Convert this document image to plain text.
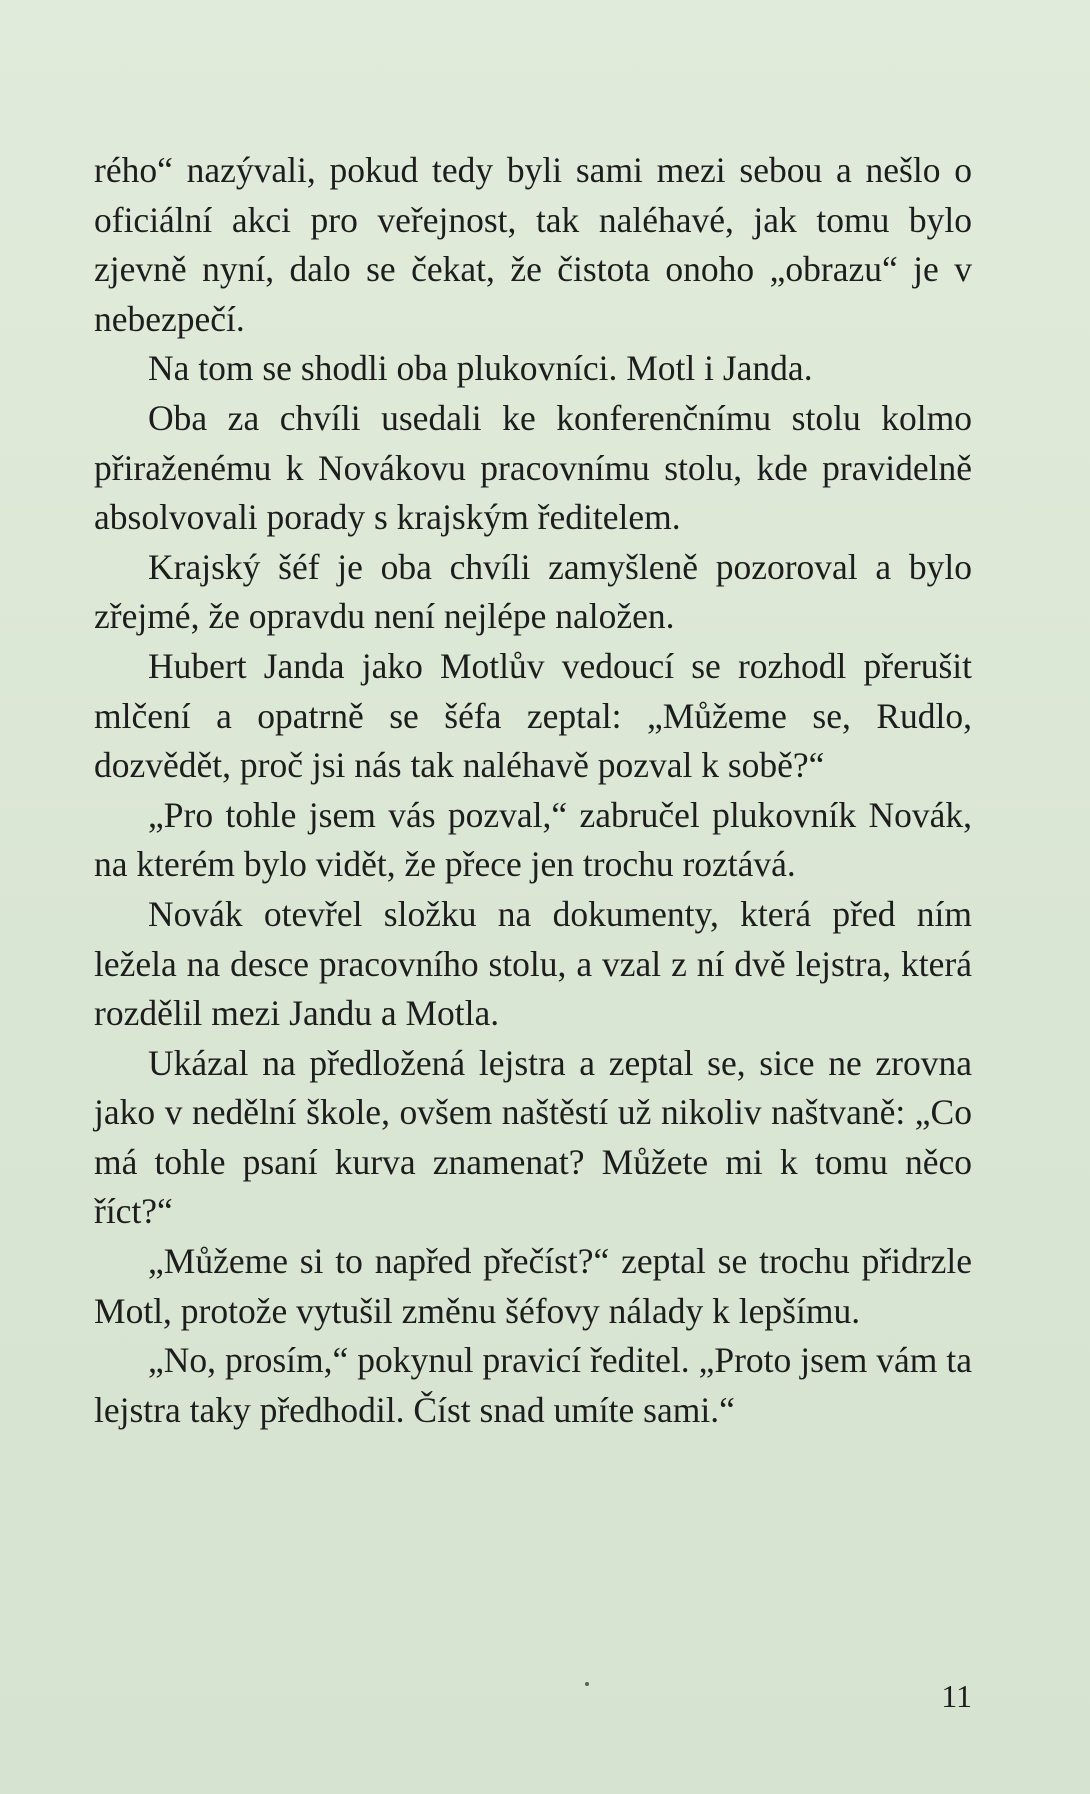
rého“ nazývali, pokud tedy byli sami mezi sebou a nešlo o oficiální akci pro veřejnost, tak naléhavé, jak tomu bylo zjevně nyní, dalo se čekat, že čistota onoho „obrazu“ je v nebezpečí.

Na tom se shodli oba plukovníci. Motl i Janda.

Oba za chvíli usedali ke konferenčnímu stolu kolmo přiraženému k Novákovu pracovnímu stolu, kde pravidelně absolvovali porady s krajským ředitelem.

Krajský šéf je oba chvíli zamyšleně pozoroval a bylo zřejmé, že opravdu není nejlépe naložen.

Hubert Janda jako Motlův vedoucí se rozhodl přerušit mlčení a opatrně se šéfa zeptal: „Můžeme se, Rudlo, dozvědět, proč jsi nás tak naléhavě pozval k sobě?“

„Pro tohle jsem vás pozval,“ zabručel plukovník Novák, na kterém bylo vidět, že přece jen trochu roztává.

Novák otevřel složku na dokumenty, která před ním ležela na desce pracovního stolu, a vzal z ní dvě lejstra, která rozdělil mezi Jandu a Motla.

Ukázal na předložená lejstra a zeptal se, sice ne zrovna jako v nedělní škole, ovšem naštěstí už nikoliv naštvaně: „Co má tohle psaní kurva znamenat? Můžete mi k tomu něco říct?“

„Můžeme si to napřed přečíst?“ zeptal se trochu přidrzle Motl, protože vytušil změnu šéfovy nálady k lepšímu.

„No, prosím,“ pokynul pravicí ředitel. „Proto jsem vám ta lejstra taky předhodil. Číst snad umíte sami.“

11
